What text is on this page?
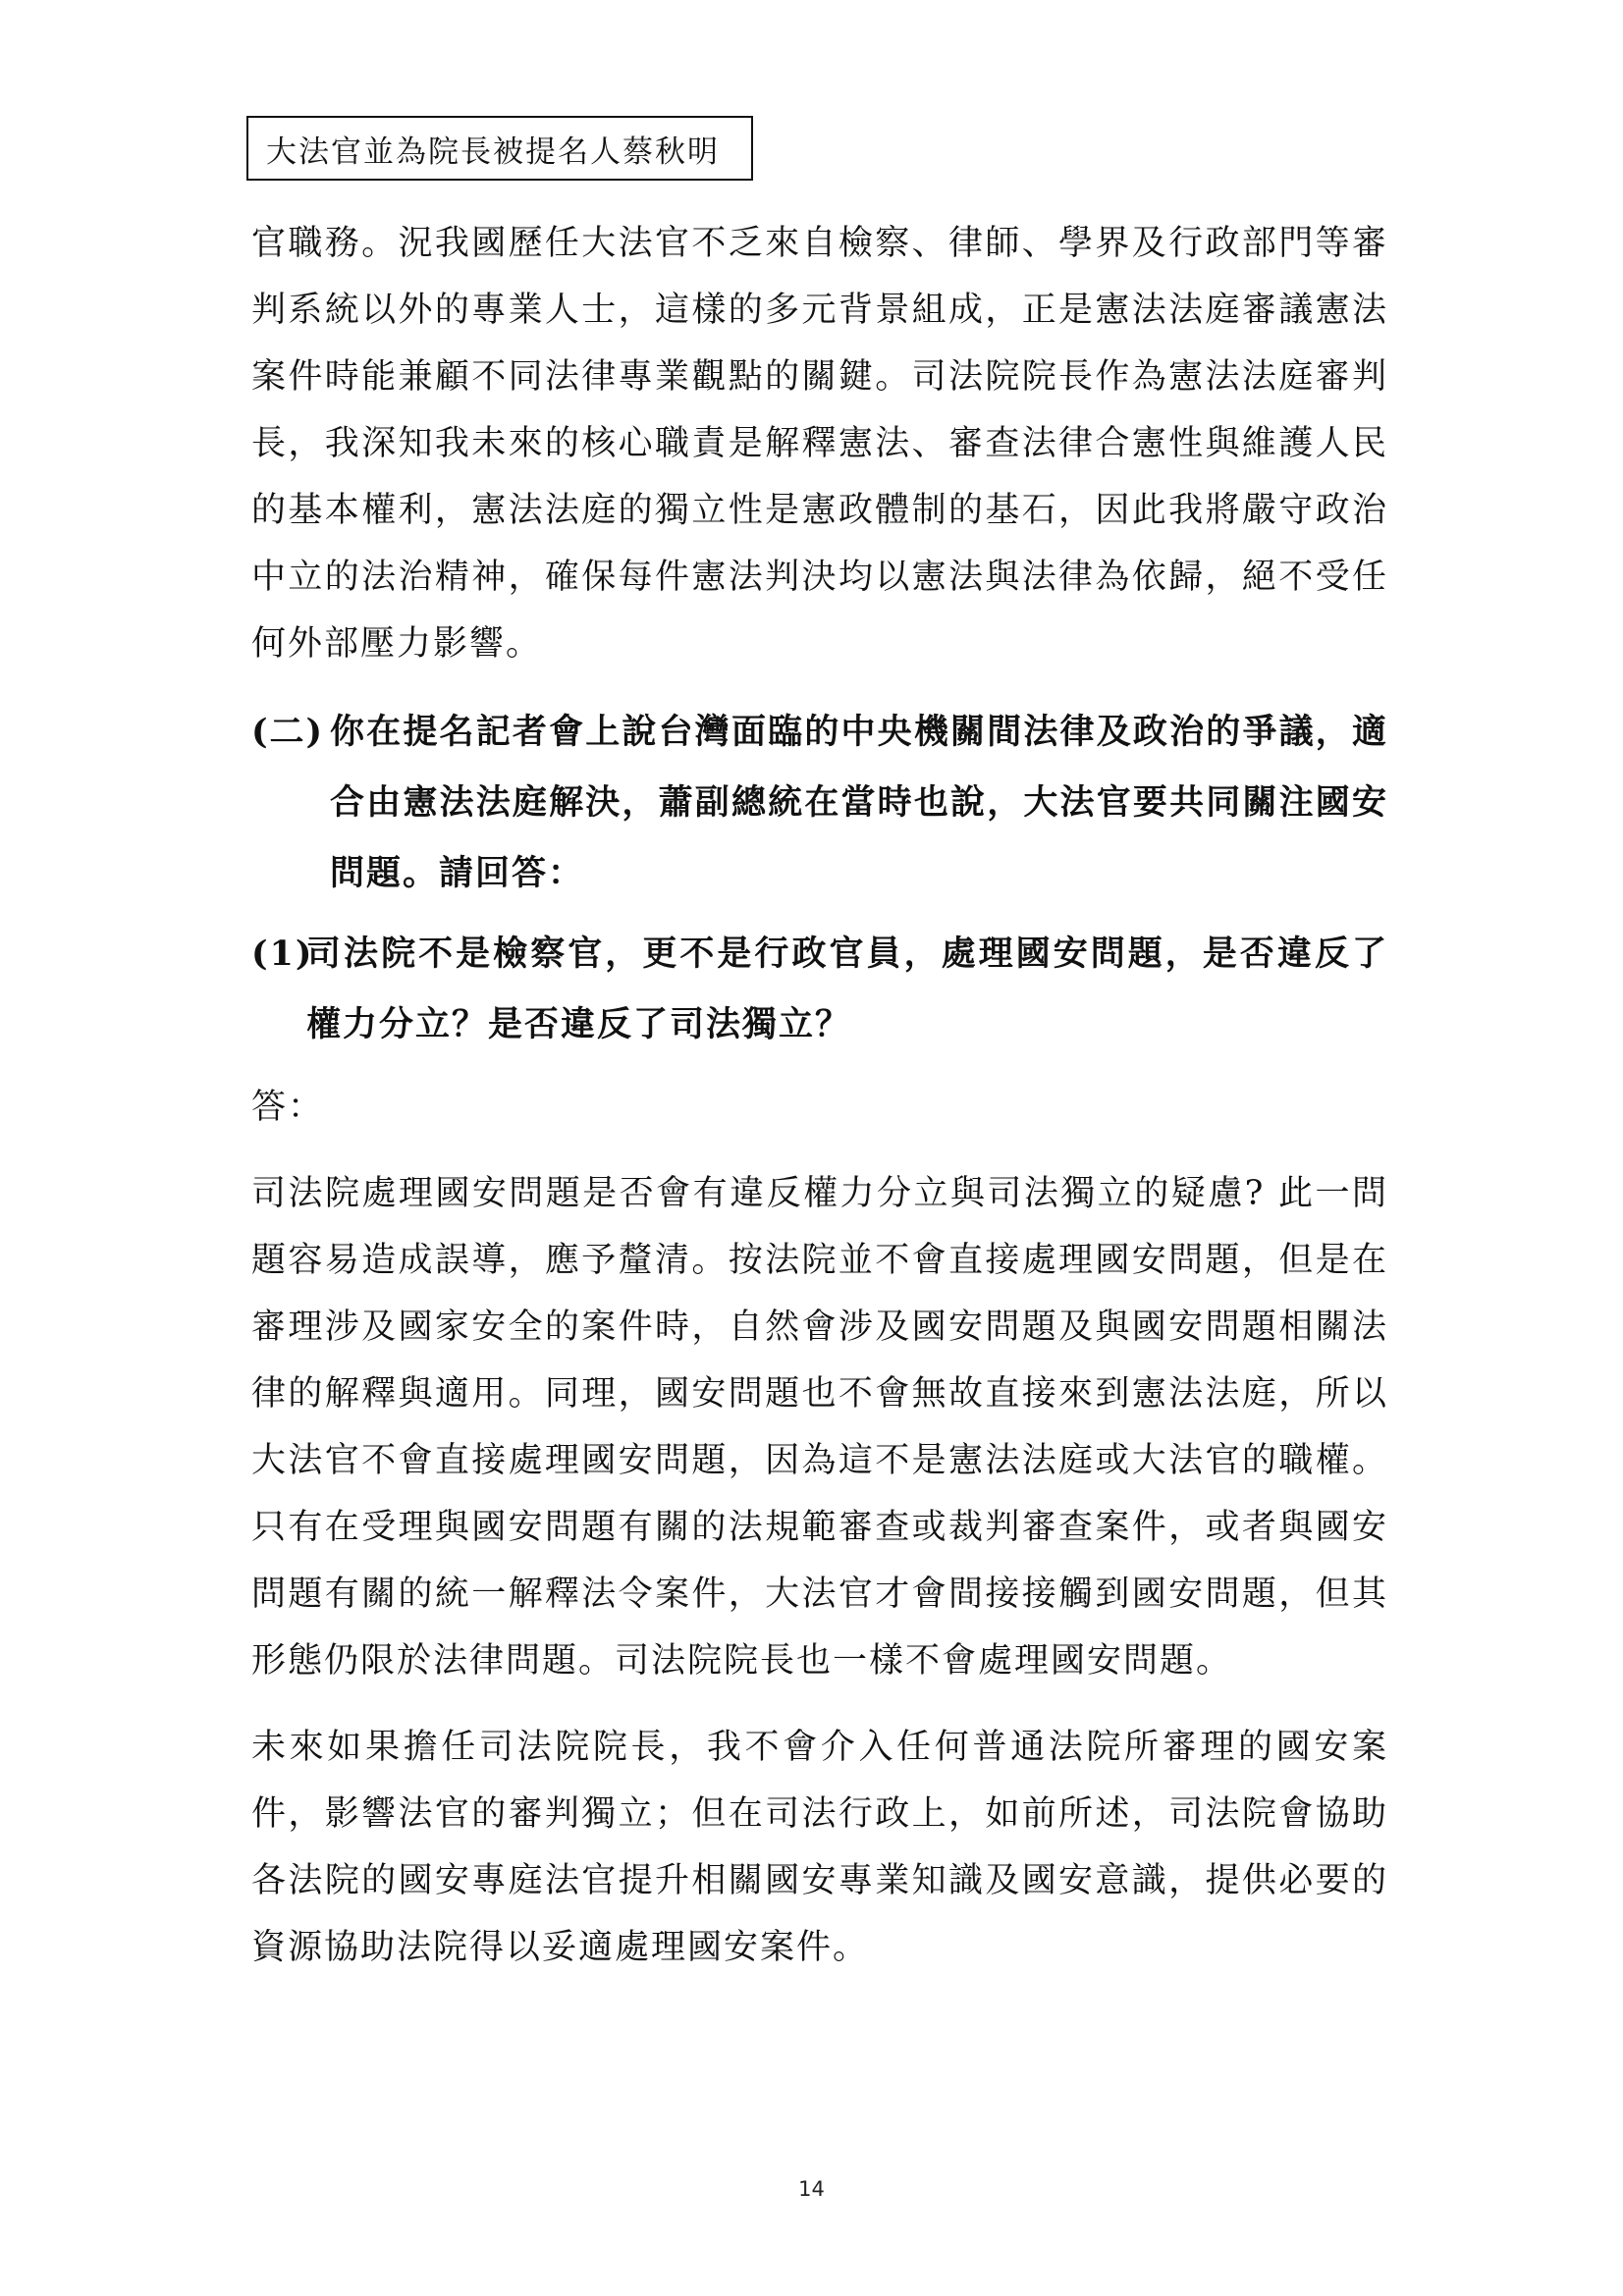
大法官並為院長被提名人蔡秋明

官職務。況我國歷任大法官不乏來自檢察、律師、學界及行政部門等審判系統以外的專業人士，這樣的多元背景組成，正是憲法法庭審議憲法案件時能兼顧不同法律專業觀點的關鍵。司法院院長作為憲法法庭審判長，我深知我未來的核心職責是解釋憲法、審查法律合憲性與維護人民的基本權利，憲法法庭的獨立性是憲政體制的基石，因此我將嚴守政治中立的法治精神，確保每件憲法判決均以憲法與法律為依歸，絕不受任何外部壓力影響。

(二) 你在提名記者會上說台灣面臨的中央機關間法律及政治的爭議，適合由憲法法庭解決，蕭副總統在當時也說，大法官要共同關注國安問題。請回答：
(1)
司法院不是檢察官，更不是行政官員，處理國安問題，是否違反了權力分立？是否違反了司法獨立？

答：

司法院處理國安問題是否會有違反權力分立與司法獨立的疑慮? 此一問題容易造成誤導，應予釐清。按法院並不會直接處理國安問題，但是在審理涉及國家安全的案件時，自然會涉及國安問題及與國安問題相關法律的解釋與適用。同理，國安問題也不會無故直接來到憲法法庭，所以大法官不會直接處理國安問題，因為這不是憲法法庭或大法官的職權。只有在受理與國安問題有關的法規範審查或裁判審查案件，或者與國安問題有關的統一解釋法令案件，大法官才會間接接觸到國安問題，但其形態仍限於法律問題。司法院院長也一樣不會處理國安問題。

未來如果擔任司法院院長，我不會介入任何普通法院所審理的國安案件，影響法官的審判獨立；但在司法行政上，如前所述，司法院會協助各法院的國安專庭法官提升相關國安專業知識及國安意識，提供必要的資源協助法院得以妥適處理國安案件。

14
